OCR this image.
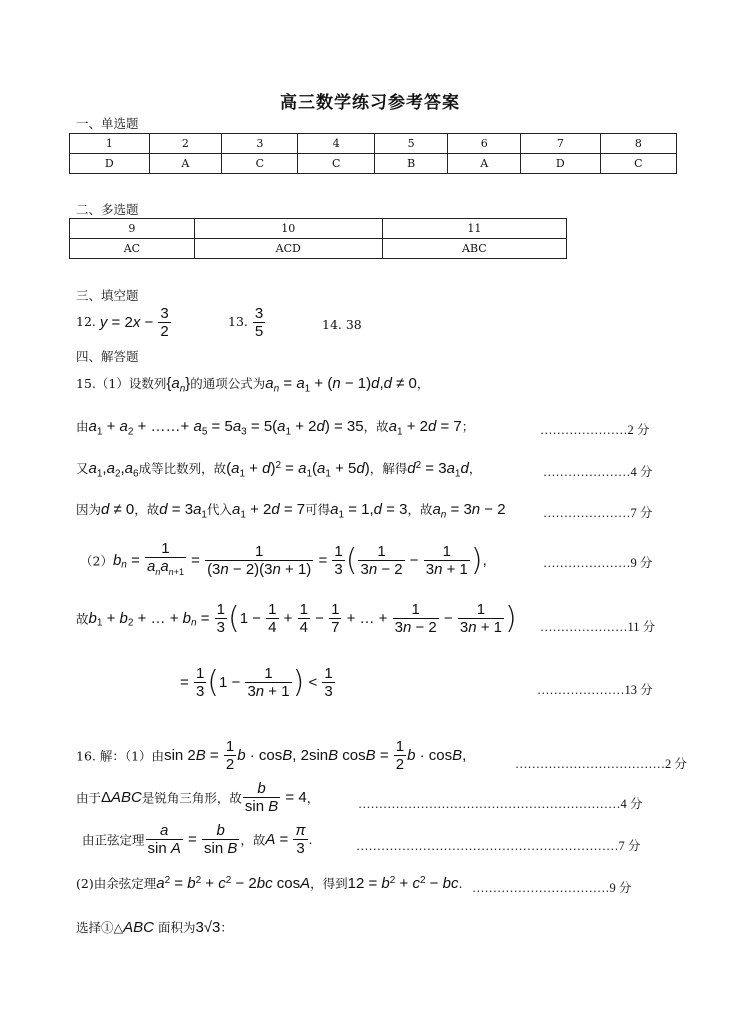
高三数学练习参考答案
一、单选题
1	2	3	4	5	6	7	8
D	A	C	C	B	A	D	C
二、多选题
9	10	11
AC	ACD	ABC
三、填空题
12. $y = 2x - \frac{3}{2}$	13. $\frac{3}{5}$	14. 38
四、解答题
15.（1）设数列$\{a_n\}$的通项公式为$a_n = a_1 + (n - 1)d,d \ne 0$，
由$a_1 + a_2$ + ……+ $a_5 = 5a_3 = 5(a_1 + 2d) = 35$，故$a_1 + 2d = 7$；	…………………2 分
又$a_1,a_2,a_6$成等比数列，故$(a_1 + d)^2 = a_1(a_1 + 5d)$，解得$d^2 = 3a_1d$，	…………………4 分
因为d ≠ 0，故$d = 3a_1$代入$a_1 + 2d = 7$可得$a_1 = 1,d = 3$，故$a_n = 3n - 2$	…………………7 分
$(2)b_n = \frac{1}{a_na_{n+1}} = \frac{1}{(3n - 2)(3n + 1)} = \frac{1}{3}$ ( $\frac{1}{3n - 2} - \frac{1}{3n + 1}$ ),	…………………9 分
故$b_1 + b_2$ + … + $b_n = \frac{1}{3} (1 - \frac{1}{4} + \frac{1}{4} - \frac{1}{7}$ + … + $\frac{1}{3n - 2} - \frac{1}{3n + 1}$ ) …………………11 分
= $\frac{1}{3} (1 - \frac{1}{3n + 1}$ ) < $\frac{1}{3}$	…………………13 分
16. 解：（1）由$\sin 2B = \frac{1}{2}$ b · cosB, 2sinB $\cos B = \frac{1}{2}$ b · cosB,	………………………………2 分
由于ΔABC是锐角三角形，故 $\frac{b}{\text{sin B}} = 4$，	………………………………………………………4 分
由正弦定理 $\frac{a}{\text{sin A}} = \frac{b}{\text{sin B}}$ ，故$A = \frac{\pi}{3}$ .	………………………………………………………7 分
(2)由余弦定理$a^2 = b^2 + c^2 - 2bc$ cosA，得到$12 = b^2 + c^2$ − bc. ……………………………9 分
选择①△ABC 面积为3√3：
